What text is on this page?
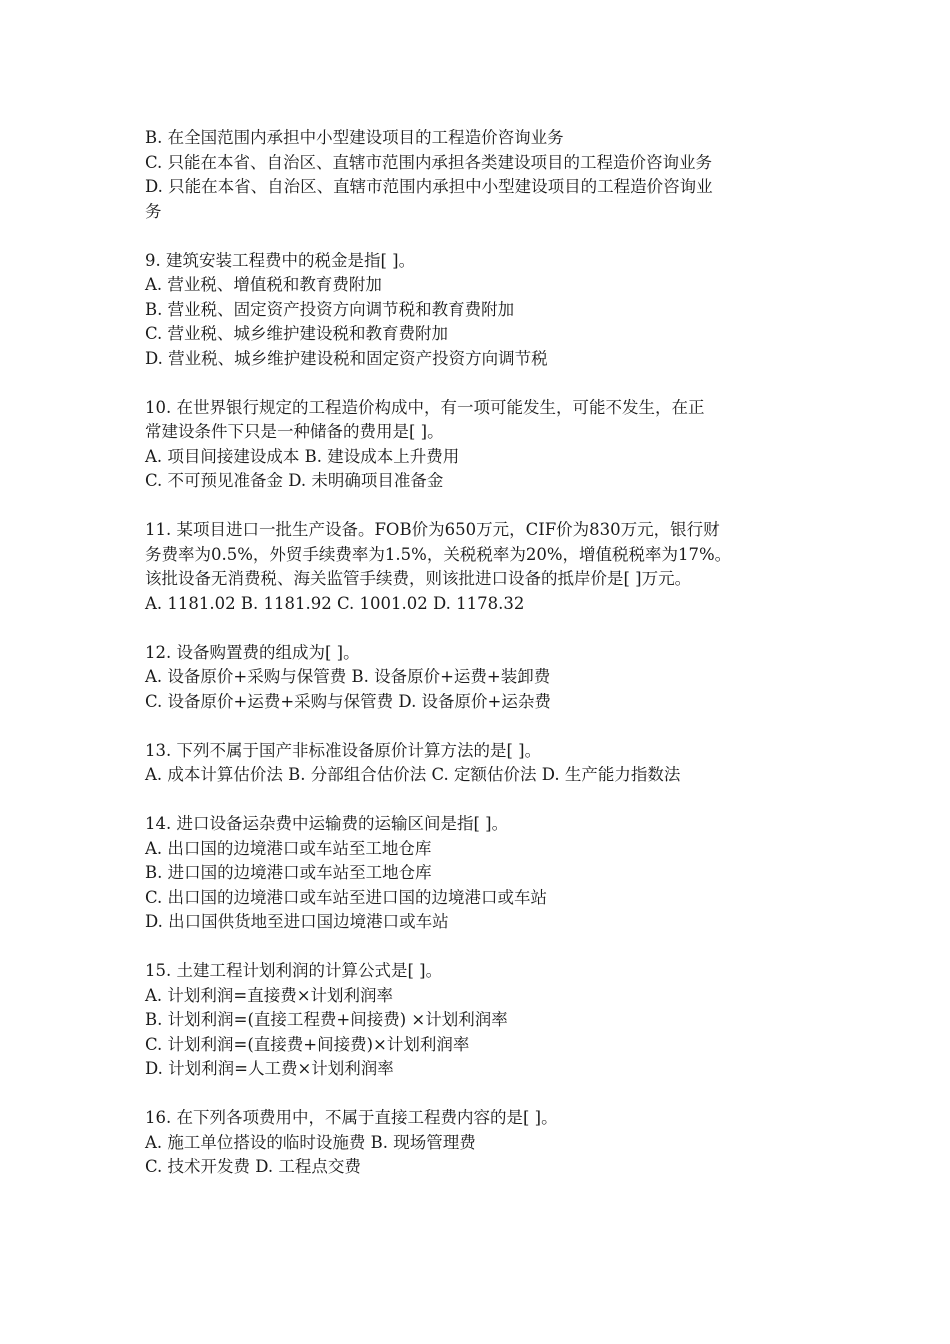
B. 在全国范围内承担中小型建设项目的工程造价咨询业务
C. 只能在本省、自治区、直辖市范围内承担各类建设项目的工程造价咨询业务
D. 只能在本省、自治区、直辖市范围内承担中小型建设项目的工程造价咨询业
务
9. 建筑安装工程费中的税金是指[ ]。
A. 营业税、增值税和教育费附加
B. 营业税、固定资产投资方向调节税和教育费附加
C. 营业税、城乡维护建设税和教育费附加
D. 营业税、城乡维护建设税和固定资产投资方向调节税
10. 在世界银行规定的工程造价构成中，有一项可能发生，可能不发生，在正
常建设条件下只是一种储备的费用是[ ]。
A. 项目间接建设成本 B. 建设成本上升费用
C. 不可预见准备金 D. 未明确项目准备金
11. 某项目进口一批生产设备。FOB价为650万元，CIF价为830万元，银行财
务费率为0.5%，外贸手续费率为1.5%，关税税率为20%，增值税税率为17%。
该批设备无消费税、海关监管手续费，则该批进口设备的抵岸价是[ ]万元。
A. 1181.02 B. 1181.92 C. 1001.02 D. 1178.32
12. 设备购置费的组成为[ ]。
A. 设备原价+采购与保管费 B. 设备原价+运费+装卸费
C. 设备原价+运费+采购与保管费 D. 设备原价+运杂费
13. 下列不属于国产非标准设备原价计算方法的是[ ]。
A. 成本计算估价法 B. 分部组合估价法 C. 定额估价法 D. 生产能力指数法
14. 进口设备运杂费中运输费的运输区间是指[ ]。
A. 出口国的边境港口或车站至工地仓库
B. 进口国的边境港口或车站至工地仓库
C. 出口国的边境港口或车站至进口国的边境港口或车站
D. 出口国供货地至进口国边境港口或车站
15. 土建工程计划利润的计算公式是[ ]。
A. 计划利润=直接费×计划利润率
B. 计划利润=(直接工程费+间接费) ×计划利润率
C. 计划利润=(直接费+间接费)×计划利润率
D. 计划利润=人工费×计划利润率
16. 在下列各项费用中，不属于直接工程费内容的是[ ]。
A. 施工单位搭设的临时设施费 B. 现场管理费
C. 技术开发费 D. 工程点交费
